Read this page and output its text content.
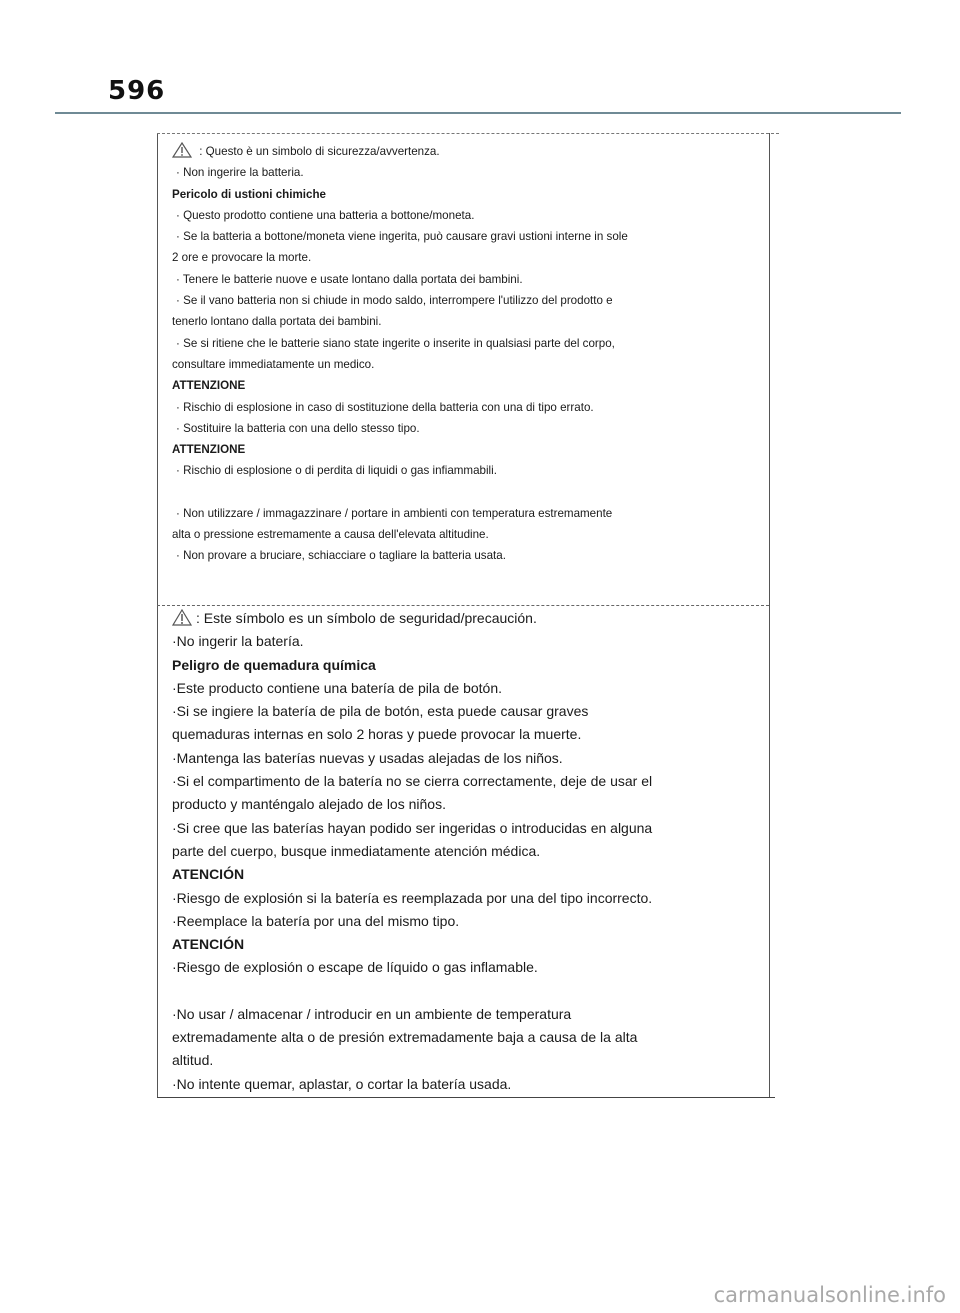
596
: Questo è un simbolo di sicurezza/avvertenza.
· Non ingerire la batteria.
Pericolo di ustioni chimiche
· Questo prodotto contiene una batteria a bottone/moneta.
· Se la batteria a bottone/moneta viene ingerita, può causare gravi ustioni interne in sole
2 ore e provocare la morte.
· Tenere le batterie nuove e usate lontano dalla portata dei bambini.
· Se il vano batteria non si chiude in modo saldo, interrompere l'utilizzo del prodotto e
tenerlo lontano dalla portata dei bambini.
· Se si ritiene che le batterie siano state ingerite o inserite in qualsiasi parte del corpo,
consultare immediatamente un medico.
ATTENZIONE
· Rischio di esplosione in caso di sostituzione della batteria con una di tipo errato.
· Sostituire la batteria con una dello stesso tipo.
ATTENZIONE
· Rischio di esplosione o di perdita di liquidi o gas infiammabili.
· Non utilizzare / immagazzinare / portare in ambienti con temperatura estremamente
alta o pressione estremamente a causa dell'elevata altitudine.
· Non provare a bruciare, schiacciare o tagliare la batteria usata.
: Este símbolo es un símbolo de seguridad/precaución.
·No ingerir la batería.
Peligro de quemadura química
·Este producto contiene una batería de pila de botón.
·Si se ingiere la batería de pila de botón, esta puede causar graves
quemaduras internas en solo 2 horas y puede provocar la muerte.
·Mantenga las baterías nuevas y usadas alejadas de los niños.
·Si el compartimento de la batería no se cierra correctamente, deje de usar el
producto y manténgalo alejado de los niños.
·Si cree que las baterías hayan podido ser ingeridas o introducidas en alguna
parte del cuerpo, busque inmediatamente atención médica.
ATENCIÓN
·Riesgo de explosión si la batería es reemplazada por una del tipo incorrecto.
·Reemplace la batería por una del mismo tipo.
ATENCIÓN
·Riesgo de explosión o escape de líquido o gas inflamable.
·No usar / almacenar / introducir en un ambiente de temperatura
extremadamente alta o de presión extremadamente baja a causa de la alta
altitud.
·No intente quemar, aplastar, o cortar la batería usada.
carmanualsonline.info
